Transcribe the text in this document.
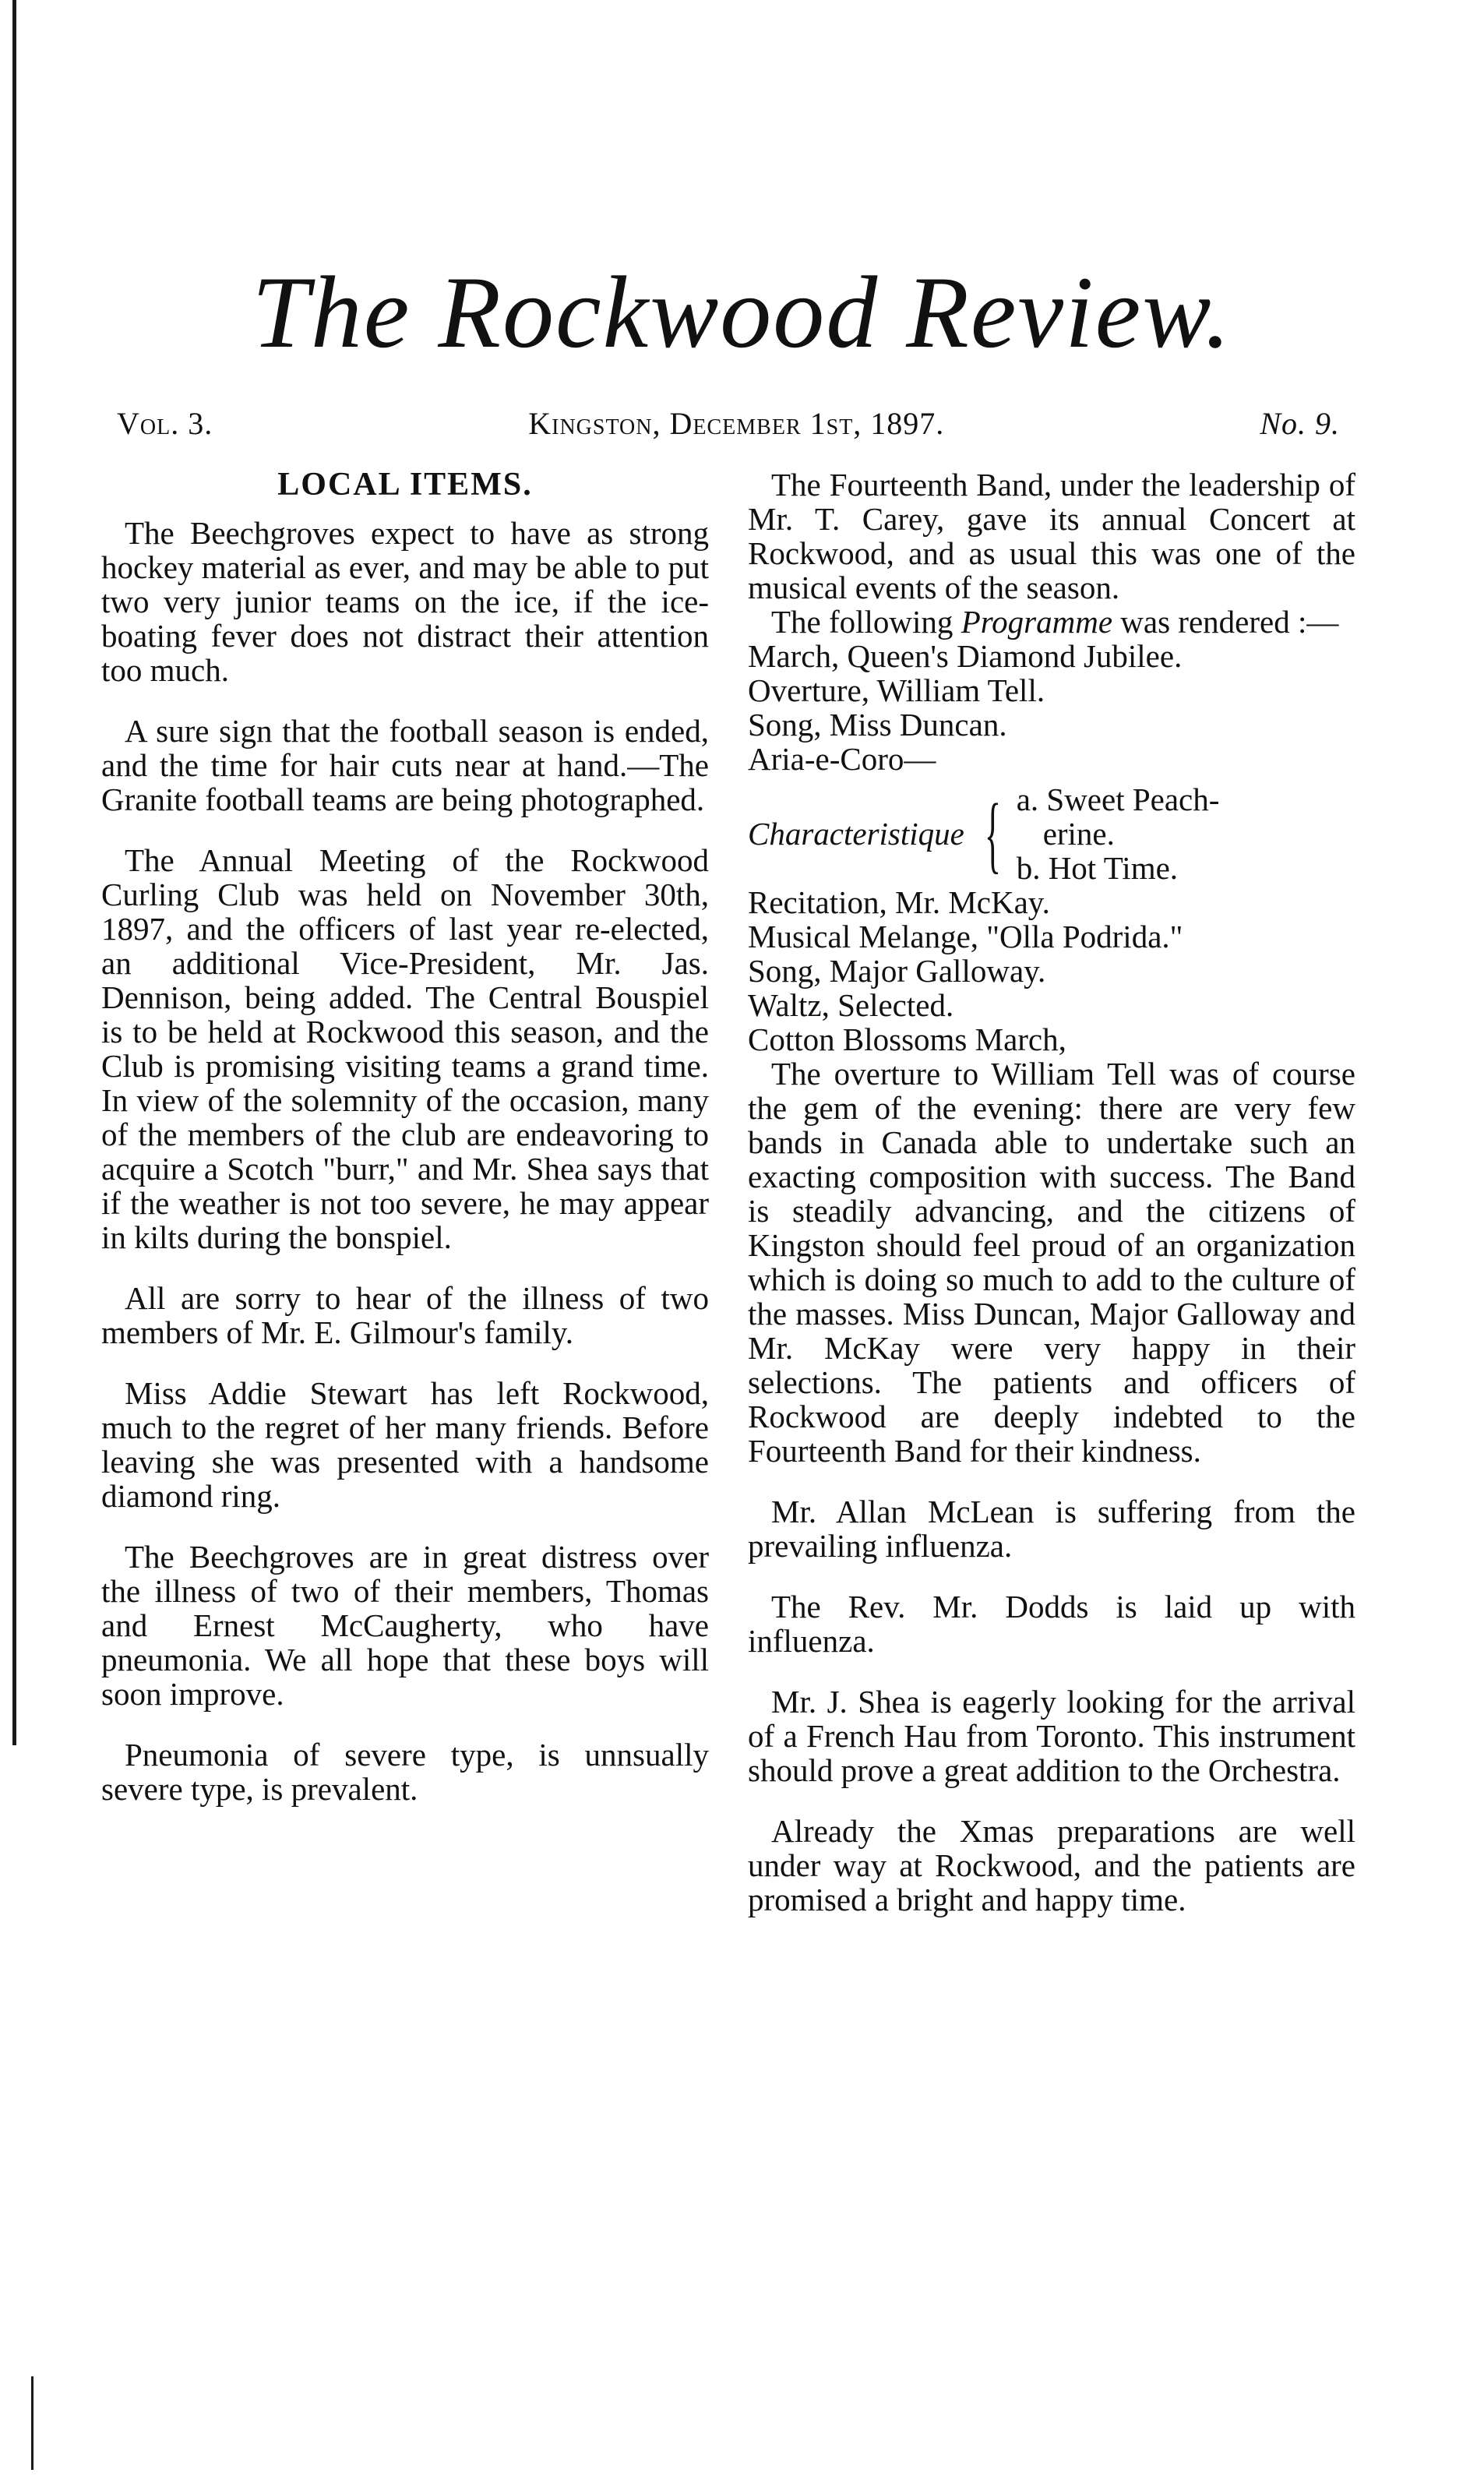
The Rockwood Review.
Vol. 3.	Kingston, December 1st, 1897.	No. 9.
LOCAL ITEMS.

The Beechgroves expect to have as strong hockey material as ever, and may be able to put two very junior teams on the ice, if the ice-boating fever does not distract their attention too much.

A sure sign that the football season is ended, and the time for hair cuts near at hand.—The Granite football teams are being photographed.

The Annual Meeting of the Rockwood Curling Club was held on November 30th, 1897, and the officers of last year re-elected, an additional Vice-President, Mr. Jas. Dennison, being added. The Central Bouspiel is to be held at Rockwood this season, and the Club is promising visiting teams a grand time. In view of the solemnity of the occasion, many of the members of the club are endeavoring to acquire a Scotch "burr," and Mr. Shea says that if the weather is not too severe, he may appear in kilts during the bonspiel.

All are sorry to hear of the illness of two members of Mr. E. Gilmour's family.

Miss Addie Stewart has left Rockwood, much to the regret of her many friends. Before leaving she was presented with a handsome diamond ring.

The Beechgroves are in great distress over the illness of two of their members, Thomas and Ernest McCaugherty, who have pneumonia. We all hope that these boys will soon improve.

Pneumonia of severe type, is unnsually severe type, is prevalent.

The Fourteenth Band, under the leadership of Mr. T. Carey, gave its annual Concert at Rockwood, and as usual this was one of the musical events of the season.

The following Programme was rendered :—

March, Queen's Diamond Jubilee.
Overture, William Tell.
Song, Miss Duncan.
Aria-e-Coro—
Characteristique { a. Sweet Peach-
erine.
b. Hot Time.
Recitation, Mr. McKay.
Musical Melange, "Olla Podrida."
Song, Major Galloway.
Waltz, Selected.
Cotton Blossoms March,

The overture to William Tell was of course the gem of the evening: there are very few bands in Canada able to undertake such an exacting composition with success. The Band is steadily advancing, and the citizens of Kingston should feel proud of an organization which is doing so much to add to the culture of the masses. Miss Duncan, Major Galloway and Mr. McKay were very happy in their selections. The patients and officers of Rockwood are deeply indebted to the Fourteenth Band for their kindness.

Mr. Allan McLean is suffering from the prevailing influenza.

The Rev. Mr. Dodds is laid up with influenza.

Mr. J. Shea is eagerly looking for the arrival of a French Hau from Toronto. This instrument should prove a great addition to the Orchestra.

Already the Xmas preparations are well under way at Rockwood, and the patients are promised a bright and happy time.
